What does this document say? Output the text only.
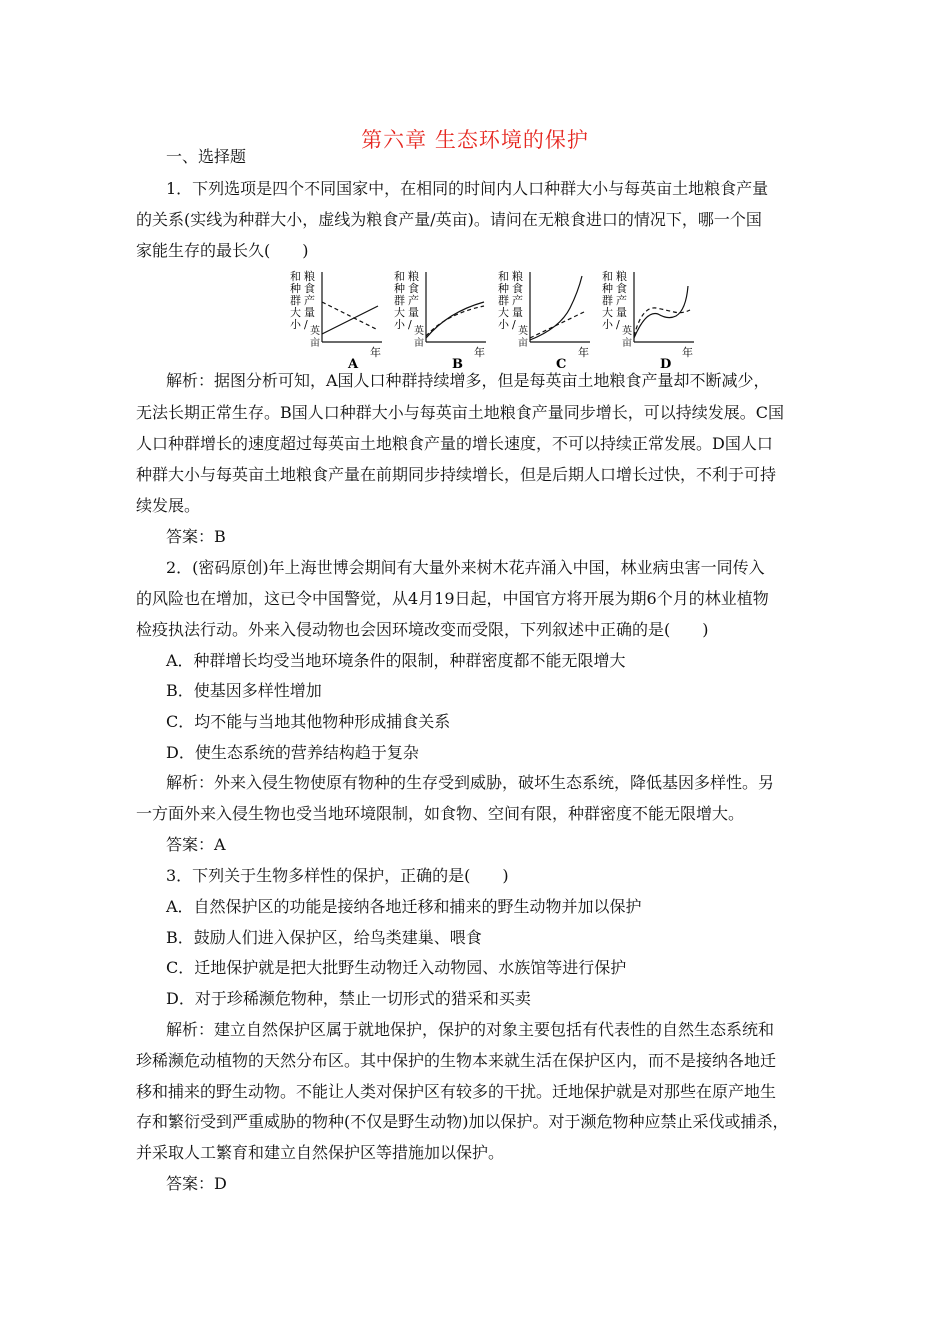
第六章 生态环境的保护
一、选择题
1．下列选项是四个不同国家中，在相同的时间内人口种群大小与每英亩土地粮食产量
的关系(实线为种群大小，虚线为粮食产量/英亩)。请问在无粮食进口的情况下，哪一个国
家能生存的最长久(　　)
和
种
群
大
小
粮
食
产
量
/
英
亩
年
A
和
种
群
大
小
粮
食
产
量
/
英
亩
年
B
和
种
群
大
小
粮
食
产
量
/
英
亩
年
C
和
种
群
大
小
粮
食
产
量
/
英
亩
年
D
解析：据图分析可知，A国人口种群持续增多，但是每英亩土地粮食产量却不断减少，
无法长期正常生存。B国人口种群大小与每英亩土地粮食产量同步增长，可以持续发展。C国
人口种群增长的速度超过每英亩土地粮食产量的增长速度，不可以持续正常发展。D国人口
种群大小与每英亩土地粮食产量在前期同步持续增长，但是后期人口增长过快，不利于可持
续发展。
答案：B
2．(密码原创)年上海世博会期间有大量外来树木花卉涌入中国，林业病虫害一同传入
的风险也在增加，这已令中国警觉，从4月19日起，中国官方将开展为期6个月的林业植物
检疫执法行动。外来入侵动物也会因环境改变而受限，下列叙述中正确的是(　　)
A．种群增长均受当地环境条件的限制，种群密度都不能无限增大
B．使基因多样性增加
C．均不能与当地其他物种形成捕食关系
D．使生态系统的营养结构趋于复杂
解析：外来入侵生物使原有物种的生存受到威胁，破坏生态系统，降低基因多样性。另
一方面外来入侵生物也受当地环境限制，如食物、空间有限，种群密度不能无限增大。
答案：A
3．下列关于生物多样性的保护，正确的是(　　)
A．自然保护区的功能是接纳各地迁移和捕来的野生动物并加以保护
B．鼓励人们进入保护区，给鸟类建巢、喂食
C．迁地保护就是把大批野生动物迁入动物园、水族馆等进行保护
D．对于珍稀濒危物种，禁止一切形式的猎采和买卖
解析：建立自然保护区属于就地保护，保护的对象主要包括有代表性的自然生态系统和
珍稀濒危动植物的天然分布区。其中保护的生物本来就生活在保护区内，而不是接纳各地迁
移和捕来的野生动物。不能让人类对保护区有较多的干扰。迁地保护就是对那些在原产地生
存和繁衍受到严重威胁的物种(不仅是野生动物)加以保护。对于濒危物种应禁止采伐或捕杀，
并采取人工繁育和建立自然保护区等措施加以保护。
答案：D
